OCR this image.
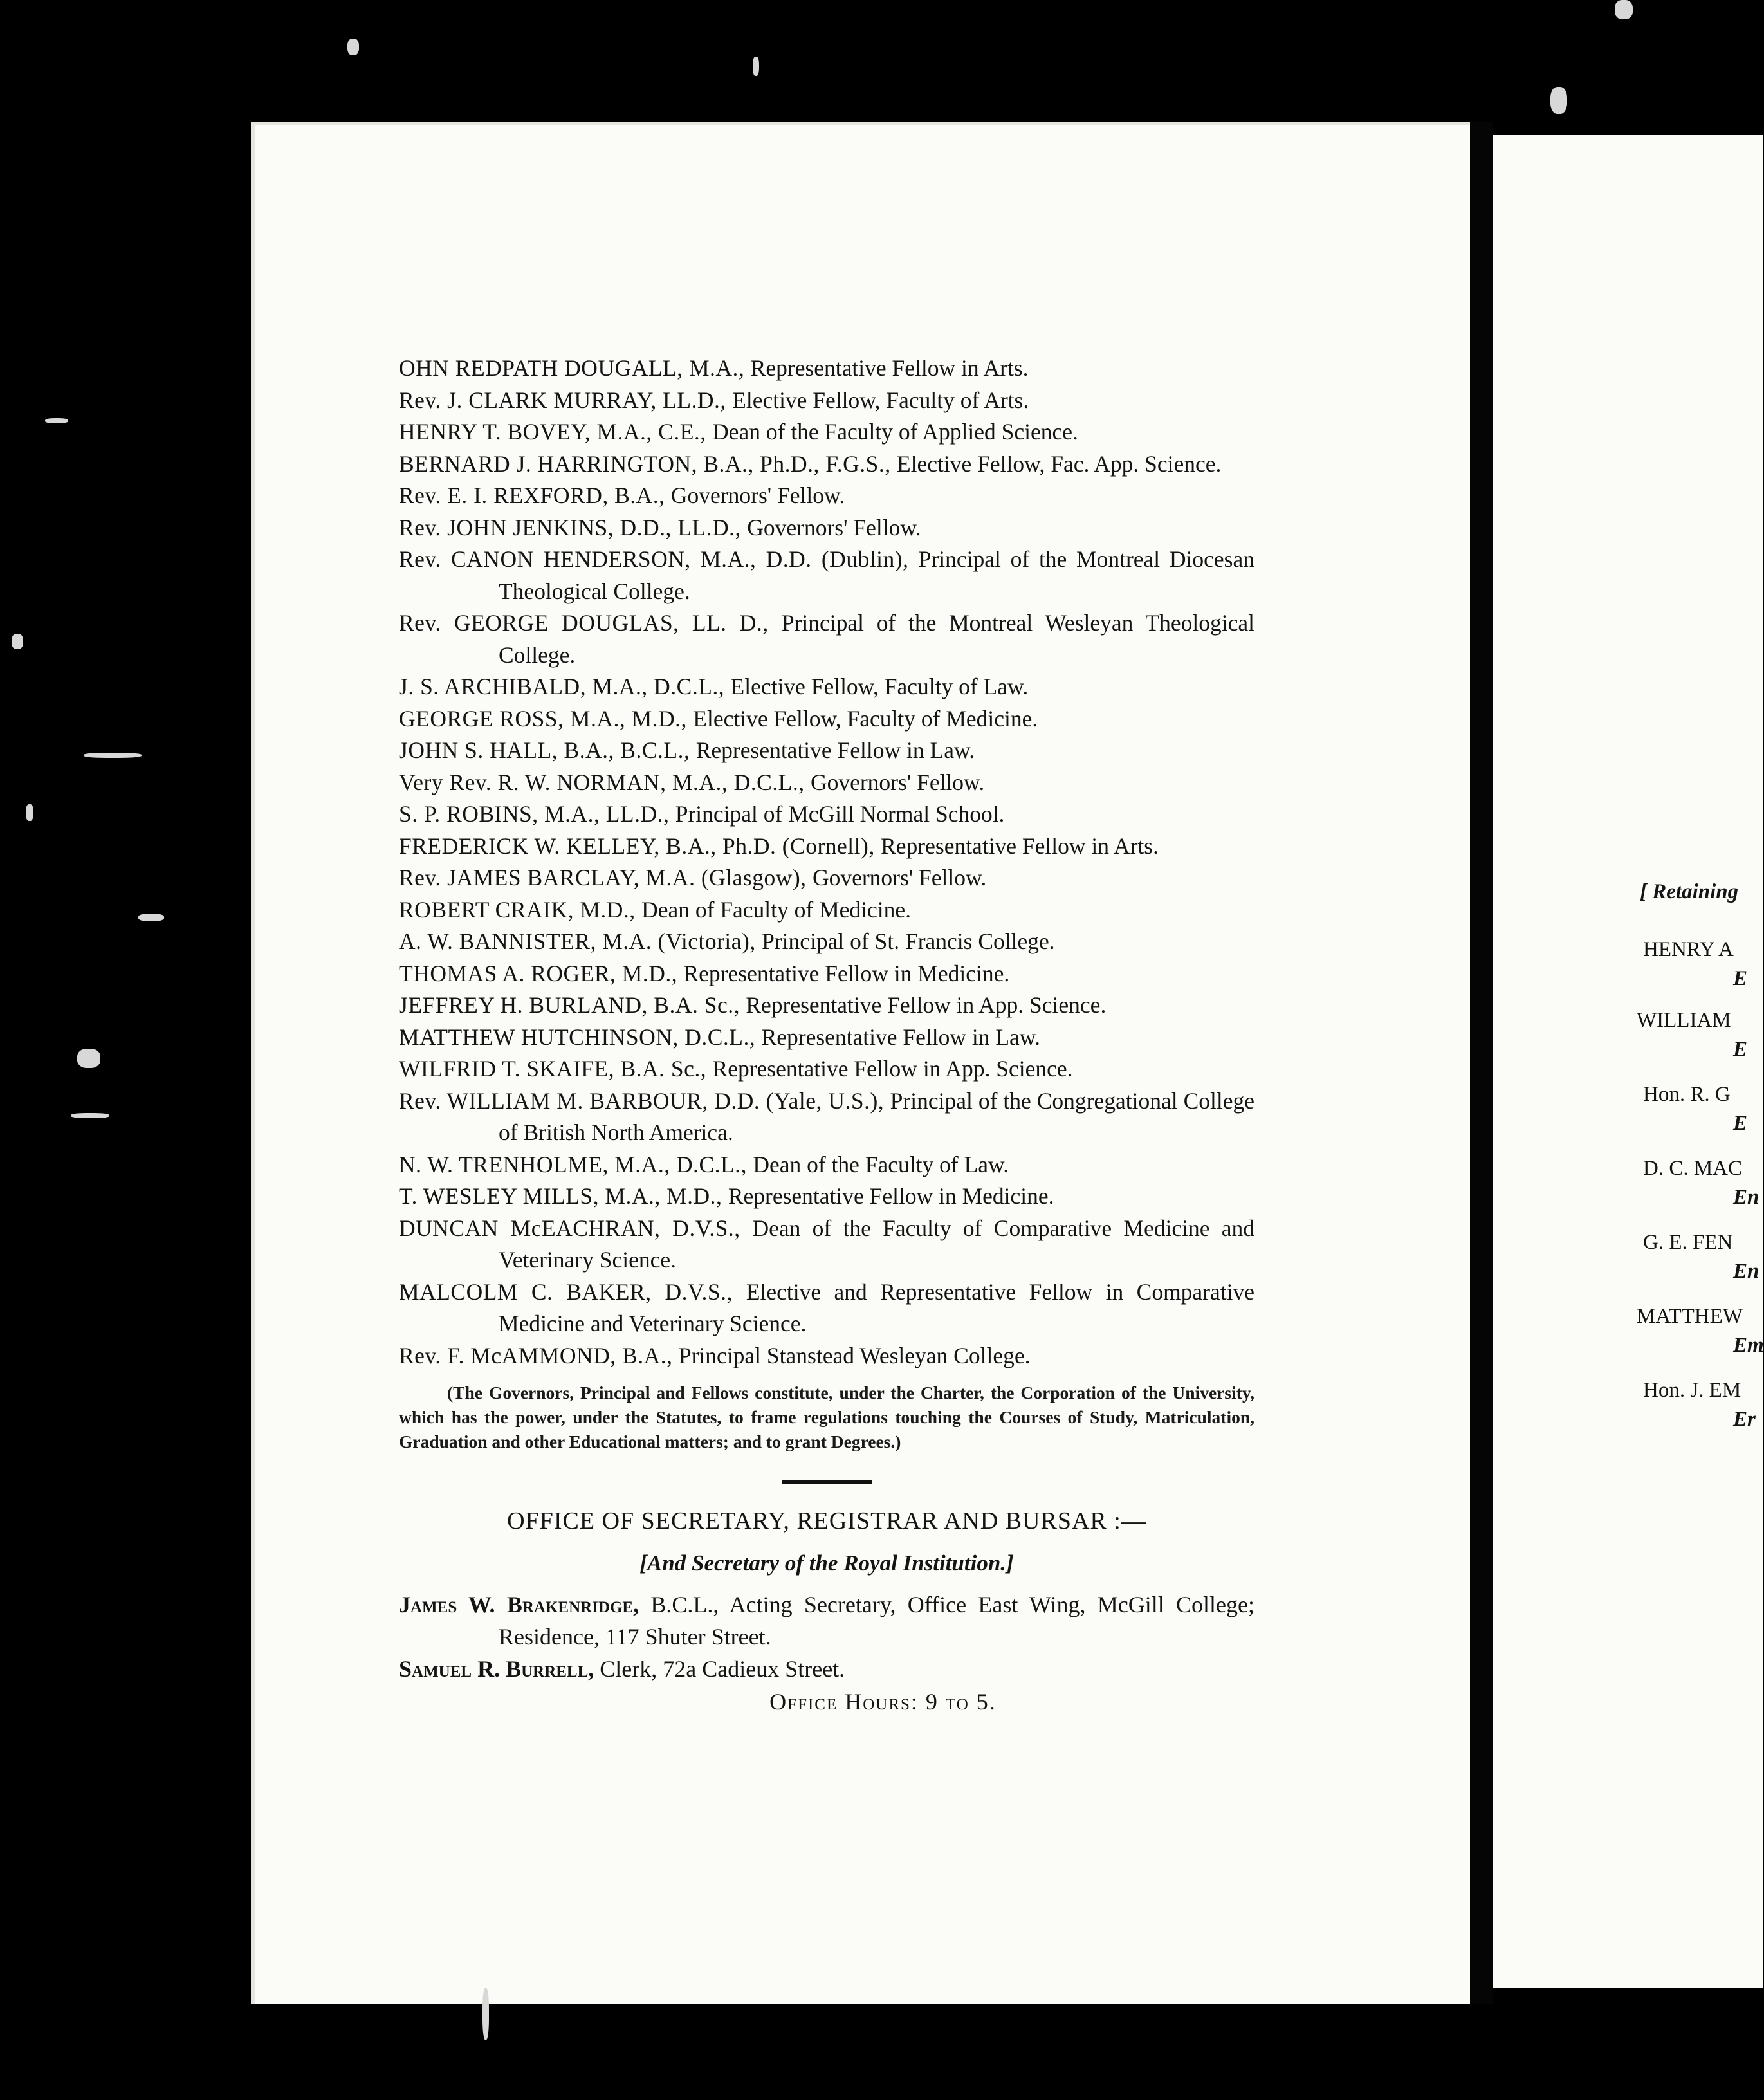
OHN REDPATH DOUGALL, M.A., Representative Fellow in Arts.
Rev. J. CLARK MURRAY, LL.D., Elective Fellow, Faculty of Arts.
HENRY T. BOVEY, M.A., C.E., Dean of the Faculty of Applied Science.
BERNARD J. HARRINGTON, B.A., Ph.D., F.G.S., Elective Fellow, Fac. App. Science.
Rev. E. I. REXFORD, B.A., Governors' Fellow.
Rev. JOHN JENKINS, D.D., LL.D., Governors' Fellow.
Rev. CANON HENDERSON, M.A., D.D. (Dublin), Principal of the Montreal Diocesan Theological College.
Rev. GEORGE DOUGLAS, LL. D., Principal of the Montreal Wesleyan Theological College.
J. S. ARCHIBALD, M.A., D.C.L., Elective Fellow, Faculty of Law.
GEORGE ROSS, M.A., M.D., Elective Fellow, Faculty of Medicine.
JOHN S. HALL, B.A., B.C.L., Representative Fellow in Law.
Very Rev. R. W. NORMAN, M.A., D.C.L., Governors' Fellow.
S. P. ROBINS, M.A., LL.D., Principal of McGill Normal School.
FREDERICK W. KELLEY, B.A., Ph.D. (Cornell), Representative Fellow in Arts.
Rev. JAMES BARCLAY, M.A. (Glasgow), Governors' Fellow.
ROBERT CRAIK, M.D., Dean of Faculty of Medicine.
A. W. BANNISTER, M.A. (Victoria), Principal of St. Francis College.
THOMAS A. ROGER, M.D., Representative Fellow in Medicine.
JEFFREY H. BURLAND, B.A. Sc., Representative Fellow in App. Science.
MATTHEW HUTCHINSON, D.C.L., Representative Fellow in Law.
WILFRID T. SKAIFE, B.A. Sc., Representative Fellow in App. Science.
Rev. WILLIAM M. BARBOUR, D.D. (Yale, U.S.), Principal of the Congregational College of British North America.
N. W. TRENHOLME, M.A., D.C.L., Dean of the Faculty of Law.
T. WESLEY MILLS, M.A., M.D., Representative Fellow in Medicine.
DUNCAN McEACHRAN, D.V.S., Dean of the Faculty of Comparative Medicine and Veterinary Science.
MALCOLM C. BAKER, D.V.S., Elective and Representative Fellow in Comparative Medicine and Veterinary Science.
Rev. F. McAMMOND, B.A., Principal Stanstead Wesleyan College.
(The Governors, Principal and Fellows constitute, under the Charter, the Corporation of the University, which has the power, under the Statutes, to frame regulations touching the Courses of Study, Matriculation, Graduation and other Educational matters; and to grant Degrees.)
OFFICE OF SECRETARY, REGISTRAR AND BURSAR :—
[And Secretary of the Royal Institution.]
James W. Brakenridge, B.C.L., Acting Secretary, Office East Wing, McGill College; Residence, 117 Shuter Street.
Samuel R. Burrell, Clerk, 72a Cadieux Street.
Office Hours: 9 to 5.
[ Retaining
HENRY A
E
WILLIAM
E
Hon. R. G
E
D. C. MAC
En
G. E. FEN
En
MATTHEW
Em
Hon. J. EM
Er
